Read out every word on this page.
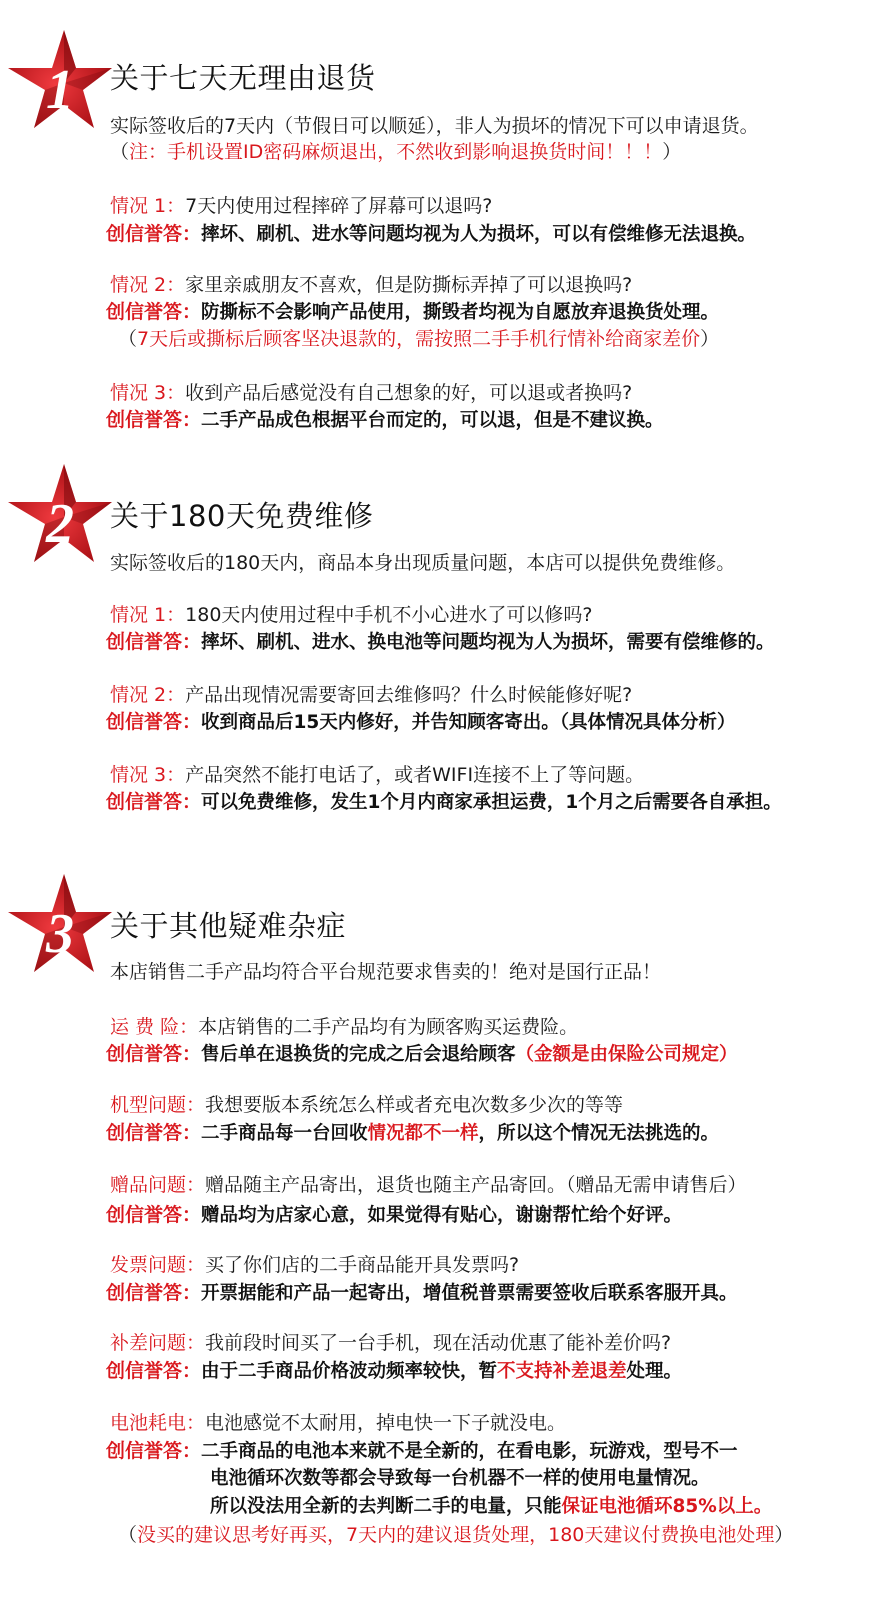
1 关于七天无理由退货
实际签收后的7天内（节假日可以顺延），非人为损坏的情况下可以申请退货。
（注：手机设置ID密码麻烦退出，不然收到影响退换货时间！！！）
情况 1：7天内使用过程摔碎了屏幕可以退吗?
创信誉答：摔坏、刷机、进水等问题均视为人为损坏，可以有偿维修无法退换。
情况 2：家里亲戚朋友不喜欢，但是防撕标弄掉了可以退换吗?
创信誉答：防撕标不会影响产品使用，撕毁者均视为自愿放弃退换货处理。
（7天后或撕标后顾客坚决退款的，需按照二手手机行情补给商家差价）
情况 3：收到产品后感觉没有自己想象的好，可以退或者换吗?
创信誉答：二手产品成色根据平台而定的，可以退，但是不建议换。
2 关于180天免费维修
实际签收后的180天内，商品本身出现质量问题，本店可以提供免费维修。
情况 1：180天内使用过程中手机不小心进水了可以修吗?
创信誉答：摔坏、刷机、进水、换电池等问题均视为人为损坏，需要有偿维修的。
情况 2：产品出现情况需要寄回去维修吗？什么时候能修好呢?
创信誉答：收到商品后15天内修好，并告知顾客寄出。（具体情况具体分析）
情况 3：产品突然不能打电话了，或者WIFI连接不上了等问题。
创信誉答：可以免费维修，发生1个月内商家承担运费，1个月之后需要各自承担。
3 关于其他疑难杂症
本店销售二手产品均符合平台规范要求售卖的！绝对是国行正品！
运 费 险：本店销售的二手产品均有为顾客购买运费险。
创信誉答：售后单在退换货的完成之后会退给顾客（金额是由保险公司规定）
机型问题：我想要版本系统怎么样或者充电次数多少次的等等
创信誉答：二手商品每一台回收情况都不一样，所以这个情况无法挑选的。
赠品问题：赠品随主产品寄出，退货也随主产品寄回。（赠品无需申请售后）
创信誉答：赠品均为店家心意，如果觉得有贴心，谢谢帮忙给个好评。
发票问题：买了你们店的二手商品能开具发票吗?
创信誉答：开票据能和产品一起寄出，增值税普票需要签收后联系客服开具。
补差问题：我前段时间买了一台手机，现在活动优惠了能补差价吗?
创信誉答：由于二手商品价格波动频率较快，暂不支持补差退差处理。
电池耗电：电池感觉不太耐用，掉电快一下子就没电。
创信誉答：二手商品的电池本来就不是全新的，在看电影，玩游戏，型号不一
电池循环次数等都会导致每一台机器不一样的使用电量情况。
所以没法用全新的去判断二手的电量，只能保证电池循环85%以上。
（没买的建议思考好再买，7天内的建议退货处理，180天建议付费换电池处理）
